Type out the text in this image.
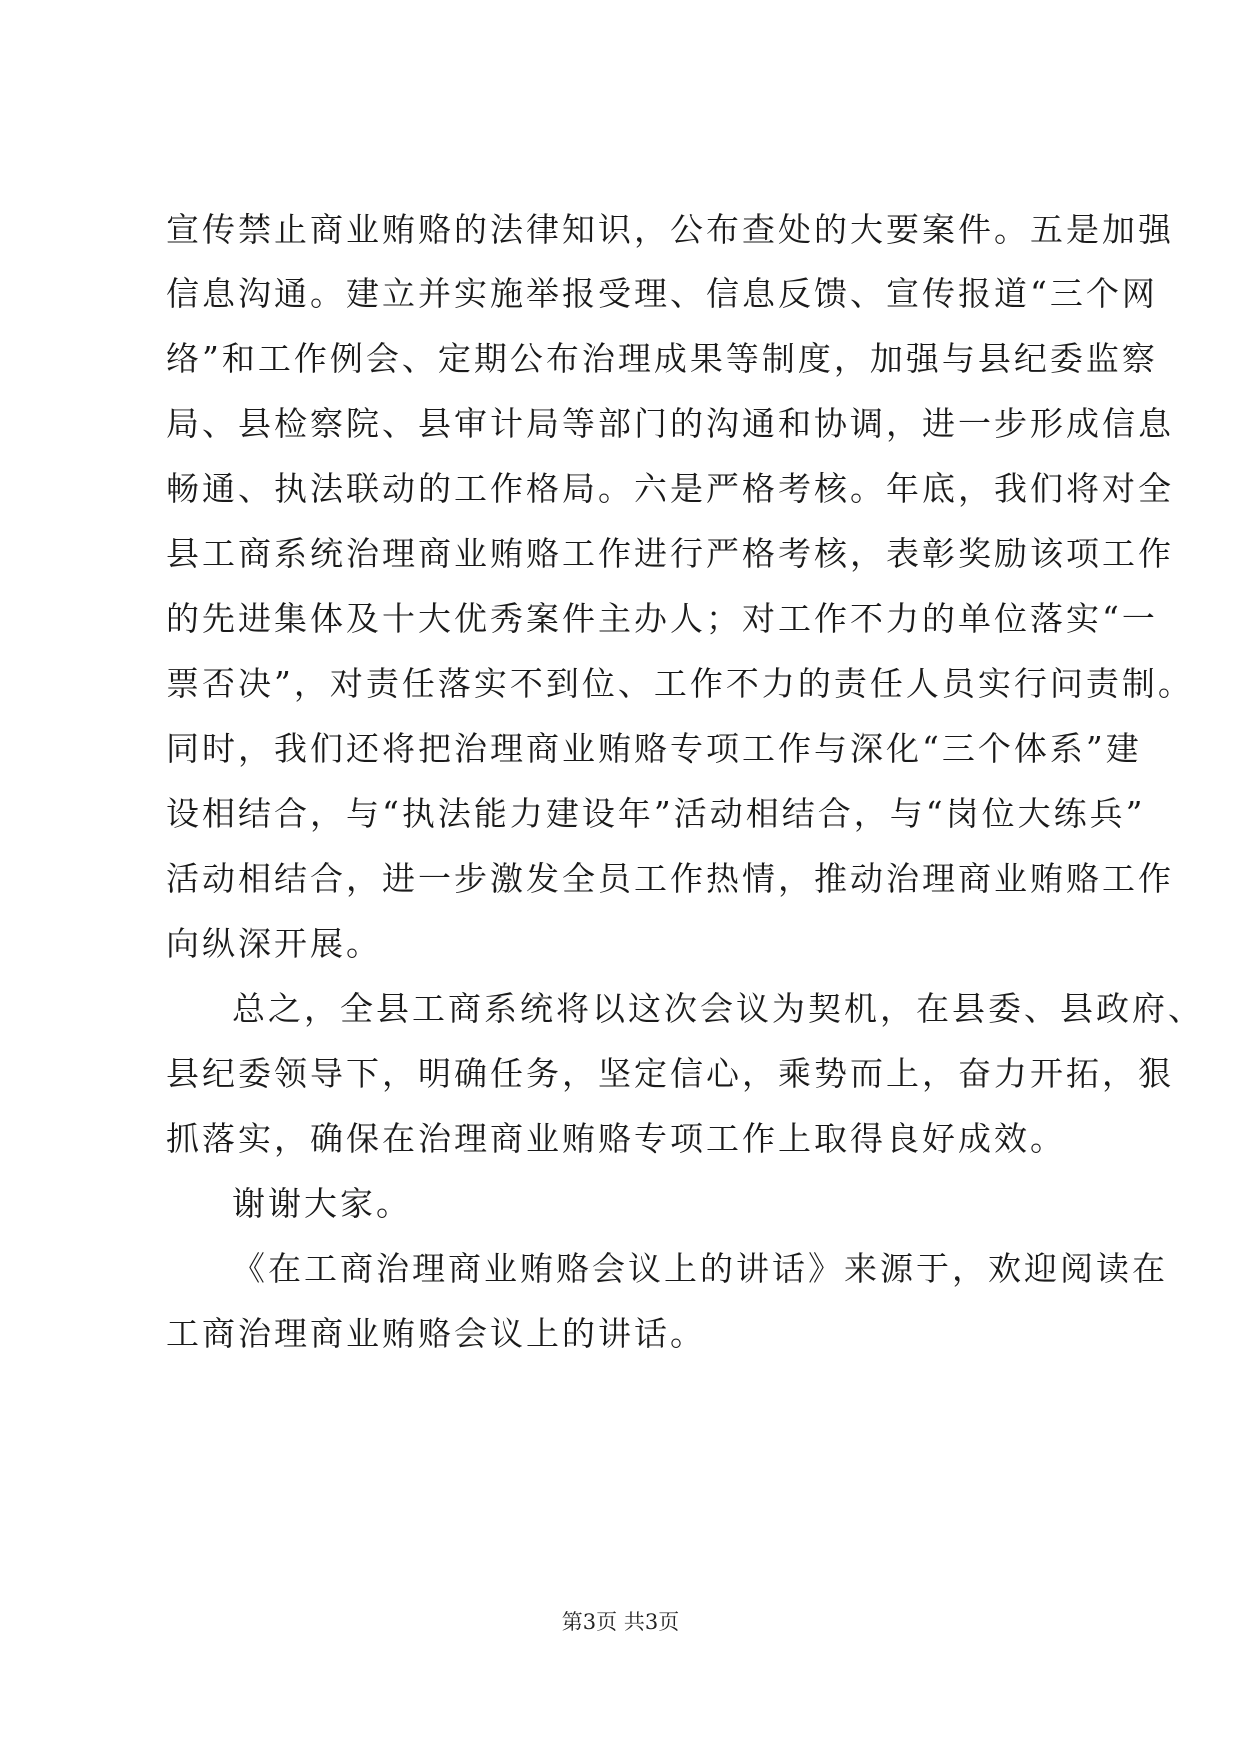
宣传禁止商业贿赂的法律知识，公布查处的大要案件。五是加强
信息沟通。建立并实施举报受理、信息反馈、宣传报道“三个网
络”和工作例会、定期公布治理成果等制度，加强与县纪委监察
局、县检察院、县审计局等部门的沟通和协调，进一步形成信息
畅通、执法联动的工作格局。六是严格考核。年底，我们将对全
县工商系统治理商业贿赂工作进行严格考核，表彰奖励该项工作
的先进集体及十大优秀案件主办人；对工作不力的单位落实“一
票否决”，对责任落实不到位、工作不力的责任人员实行问责制。
同时，我们还将把治理商业贿赂专项工作与深化“三个体系”建
设相结合，与“执法能力建设年”活动相结合，与“岗位大练兵”
活动相结合，进一步激发全员工作热情，推动治理商业贿赂工作
向纵深开展。
总之，全县工商系统将以这次会议为契机，在县委、县政府、
县纪委领导下，明确任务，坚定信心，乘势而上，奋力开拓，狠
抓落实，确保在治理商业贿赂专项工作上取得良好成效。
谢谢大家。
《在工商治理商业贿赂会议上的讲话》来源于，欢迎阅读在
工商治理商业贿赂会议上的讲话。
第3页 共3页
